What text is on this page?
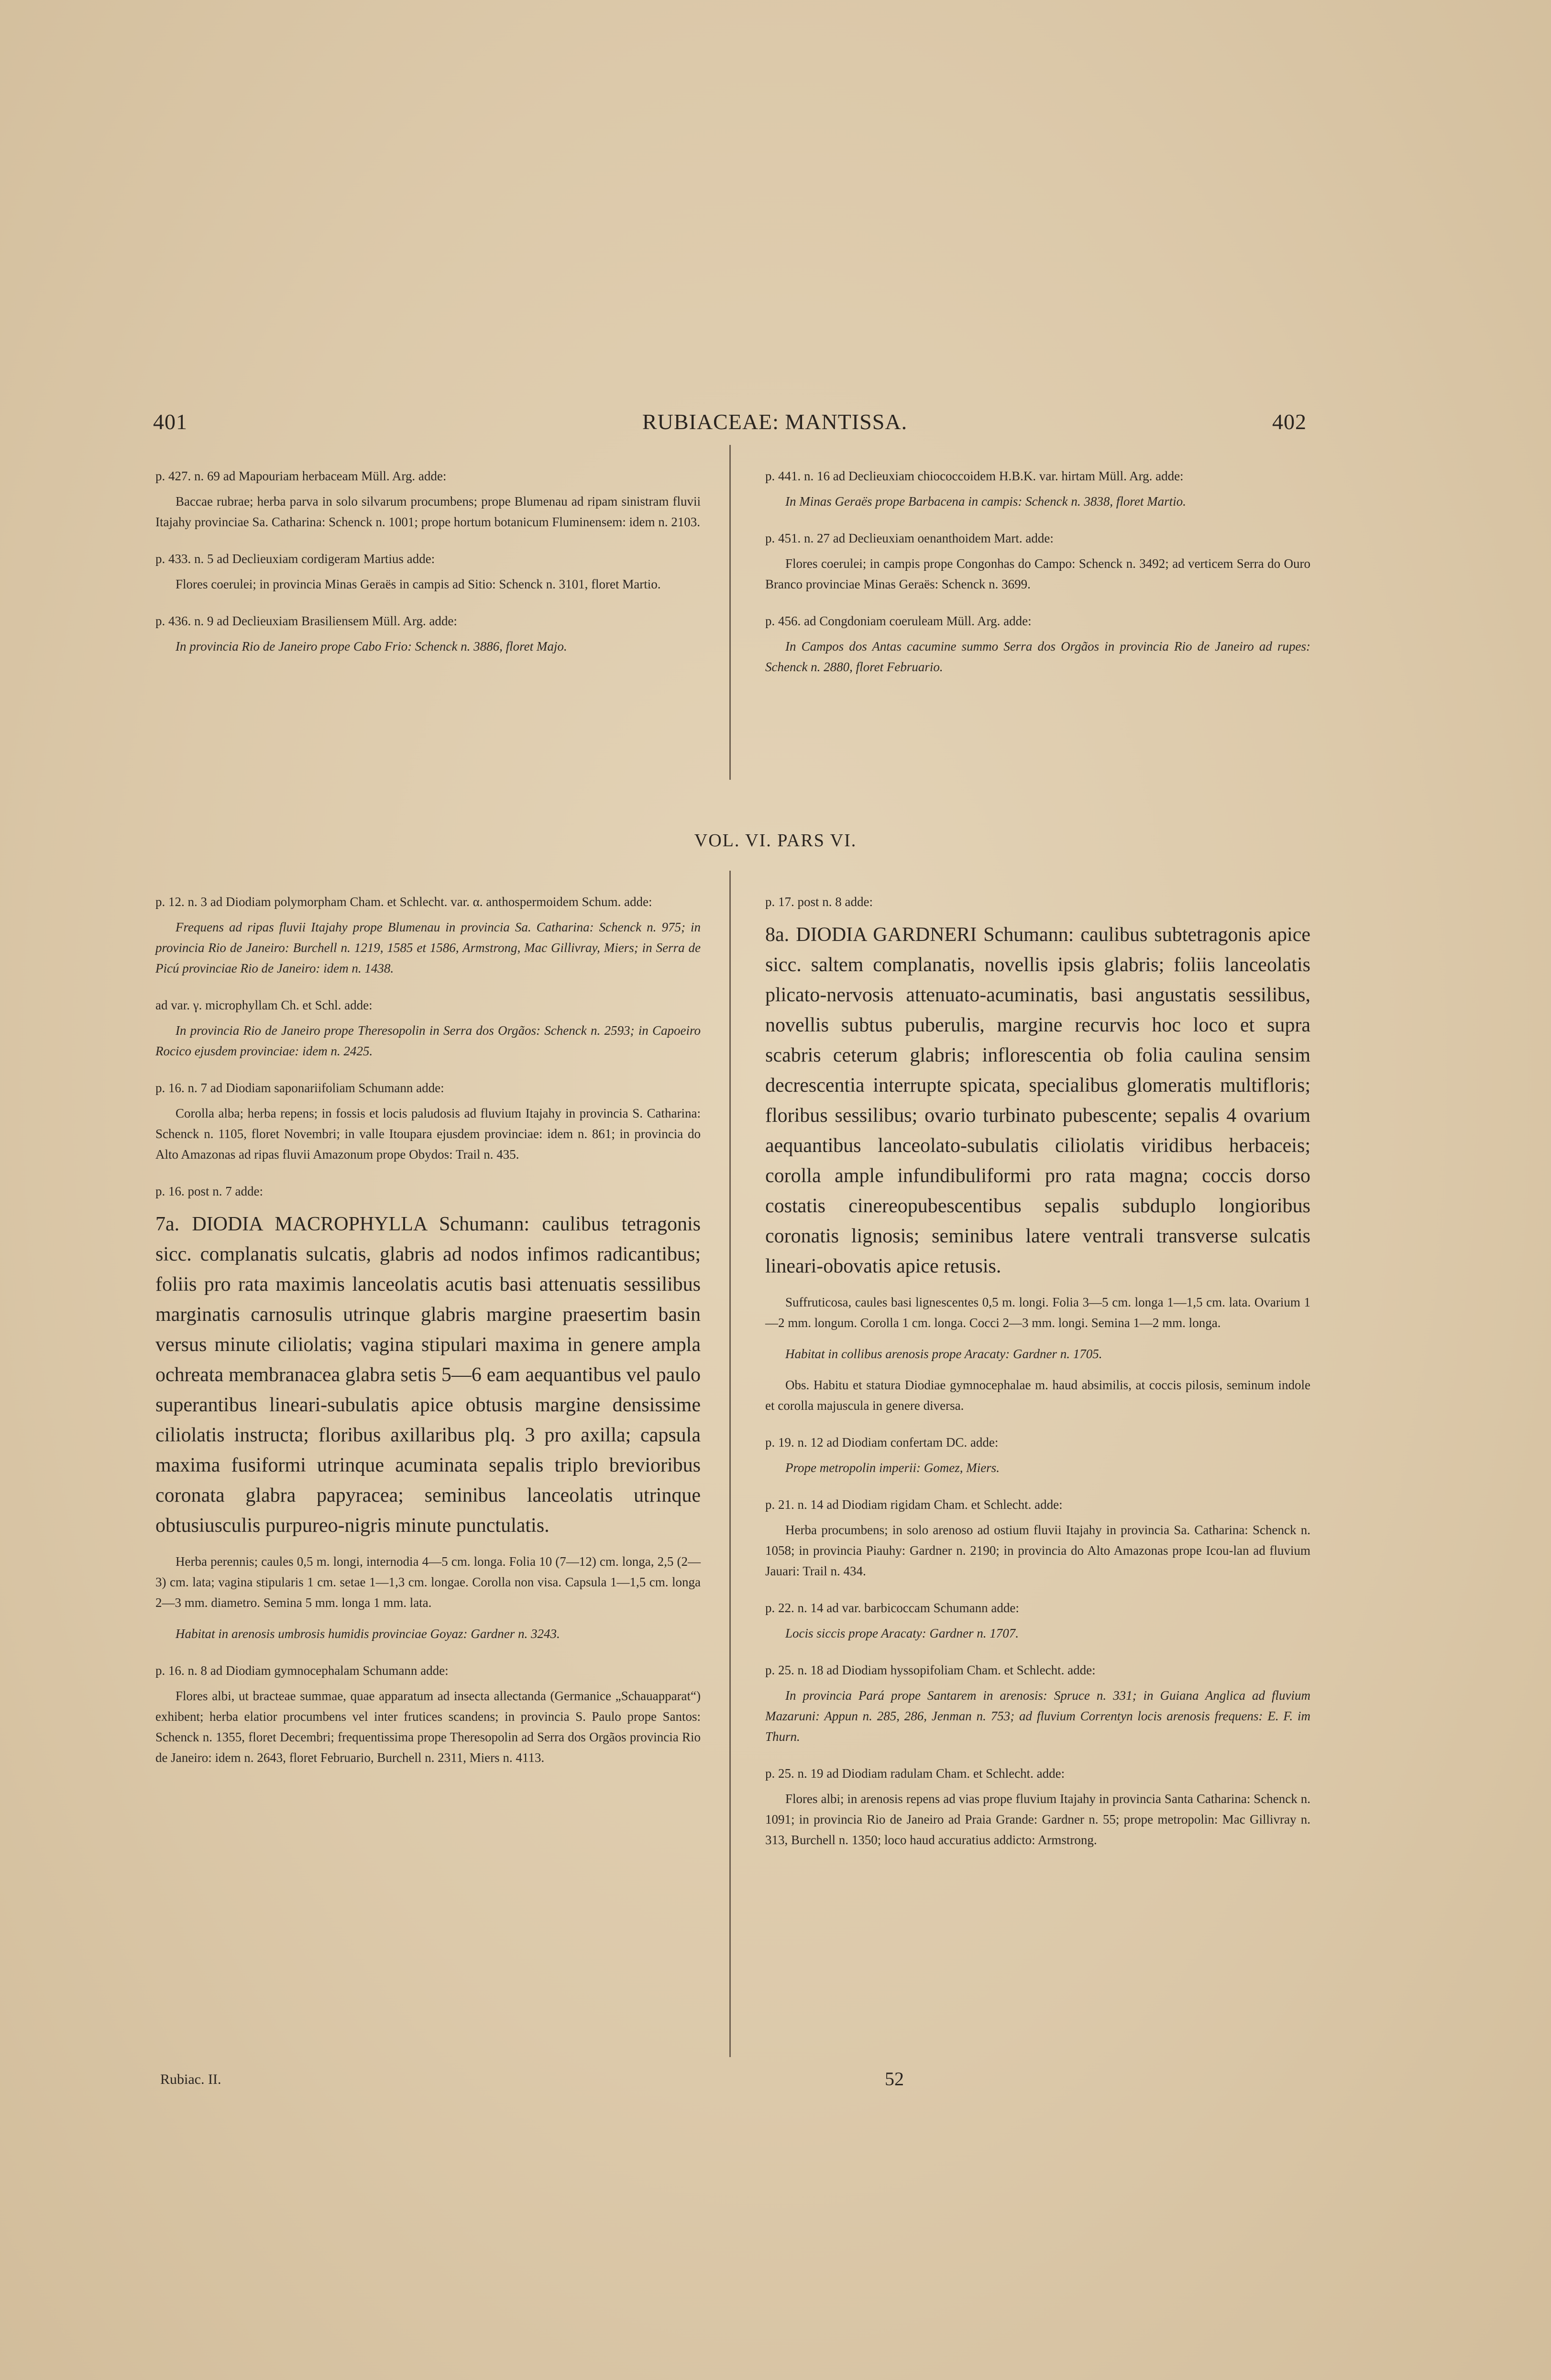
401	RUBIACEAE: MANTISSA.	402

p. 427. n. 69 ad Mapouriam herbaceam Müll. Arg. adde:

Baccae rubrae; herba parva in solo silvarum procumbens; prope Blumenau ad ripam sinistram fluvii Itajahy provinciae Sa. Catharina: Schenck n. 1001; prope hortum botanicum Fluminensem: idem n. 2103.

p. 433. n. 5 ad Declieuxiam cordigeram Martius adde:

Flores coerulei; in provincia Minas Geraës in campis ad Sitio: Schenck n. 3101, floret Martio.

p. 436. n. 9 ad Declieuxiam Brasiliensem Müll. Arg. adde:

In provincia Rio de Janeiro prope Cabo Frio: Schenck n. 3886, floret Majo.

p. 441. n. 16 ad Declieuxiam chiococcoidem H.B.K. var. hirtam Müll. Arg. adde:

In Minas Geraës prope Barbacena in campis: Schenck n. 3838, floret Martio.

p. 451. n. 27 ad Declieuxiam oenanthoidem Mart. adde:

Flores coerulei; in campis prope Congonhas do Campo: Schenck n. 3492; ad verticem Serra do Ouro Branco provinciae Minas Geraës: Schenck n. 3699.

p. 456. ad Congdoniam coeruleam Müll. Arg. adde:

In Campos dos Antas cacumine summo Serra dos Orgãos in provincia Rio de Janeiro ad rupes: Schenck n. 2880, floret Februario.

VOL. VI. PARS VI.

p. 12. n. 3 ad Diodiam polymorpham Cham. et Schlecht. var. α. anthospermoidem Schum. adde:

Frequens ad ripas fluvii Itajahy prope Blumenau in provincia Sa. Catharina: Schenck n. 975; in provincia Rio de Janeiro: Burchell n. 1219, 1585 et 1586, Armstrong, Mac Gillivray, Miers; in Serra de Picú provinciae Rio de Janeiro: idem n. 1438.

ad var. γ. microphyllam Ch. et Schl. adde:

In provincia Rio de Janeiro prope Theresopolin in Serra dos Orgãos: Schenck n. 2593; in Capoeiro Rocico ejusdem provinciae: idem n. 2425.

p. 16. n. 7 ad Diodiam saponariifoliam Schumann adde:

Corolla alba; herba repens; in fossis et locis paludosis ad fluvium Itajahy in provincia S. Catharina: Schenck n. 1105, floret Novembri; in valle Itoupara ejusdem provinciae: idem n. 861; in provincia do Alto Amazonas ad ripas fluvii Amazonum prope Obydos: Trail n. 435.

p. 16. post n. 7 adde:

7a. DIODIA MACROPHYLLA Schumann: caulibus tetragonis sicc. complanatis sulcatis, glabris ad nodos infimos radicantibus; foliis pro rata maximis lanceolatis acutis basi attenuatis sessilibus marginatis carnosulis utrinque glabris margine praesertim basin versus minute ciliolatis; vagina stipulari maxima in genere ampla ochreata membranacea glabra setis 5—6 eam aequantibus vel paulo superantibus lineari-subulatis apice obtusis margine densissime ciliolatis instructa; floribus axillaribus plq. 3 pro axilla; capsula maxima fusiformi utrinque acuminata sepalis triplo brevioribus coronata glabra papyracea; seminibus lanceolatis utrinque obtusiusculis purpureo-nigris minute punctulatis.

Herba perennis; caules 0,5 m. longi, internodia 4—5 cm. longa. Folia 10 (7—12) cm. longa, 2,5 (2—3) cm. lata; vagina stipularis 1 cm. setae 1—1,3 cm. longae. Corolla non visa. Capsula 1—1,5 cm. longa 2—3 mm. diametro. Semina 5 mm. longa 1 mm. lata.

Habitat in arenosis umbrosis humidis provinciae Goyaz: Gardner n. 3243.

p. 16. n. 8 ad Diodiam gymnocephalam Schumann adde:

Flores albi, ut bracteae summae, quae apparatum ad insecta allectanda (Germanice „Schauapparat“) exhibent; herba elatior procumbens vel inter frutices scandens; in provincia S. Paulo prope Santos: Schenck n. 1355, floret Decembri; frequentissima prope Theresopolin ad Serra dos Orgãos provincia Rio de Janeiro: idem n. 2643, floret Februario, Burchell n. 2311, Miers n. 4113.

p. 17. post n. 8 adde:

8a. DIODIA GARDNERI Schumann: caulibus subtetragonis apice sicc. saltem complanatis, novellis ipsis glabris; foliis lanceolatis plicato-nervosis attenuato-acuminatis, basi angustatis sessilibus, novellis subtus puberulis, margine recurvis hoc loco et supra scabris ceterum glabris; inflorescentia ob folia caulina sensim decrescentia interrupte spicata, specialibus glomeratis multifloris; floribus sessilibus; ovario turbinato pubescente; sepalis 4 ovarium aequantibus lanceolato-subulatis ciliolatis viridibus herbaceis; corolla ample infundibuliformi pro rata magna; coccis dorso costatis cinereopubescentibus sepalis subduplo longioribus coronatis lignosis; seminibus latere ventrali transverse sulcatis lineari-obovatis apice retusis.

Suffruticosa, caules basi lignescentes 0,5 m. longi. Folia 3—5 cm. longa 1—1,5 cm. lata. Ovarium 1—2 mm. longum. Corolla 1 cm. longa. Cocci 2—3 mm. longi. Semina 1—2 mm. longa.

Habitat in collibus arenosis prope Aracaty: Gardner n. 1705.

Obs. Habitu et statura Diodiae gymnocephalae m. haud absimilis, at coccis pilosis, seminum indole et corolla majuscula in genere diversa.

p. 19. n. 12 ad Diodiam confertam DC. adde:

Prope metropolin imperii: Gomez, Miers.

p. 21. n. 14 ad Diodiam rigidam Cham. et Schlecht. adde:

Herba procumbens; in solo arenoso ad ostium fluvii Itajahy in provincia Sa. Catharina: Schenck n. 1058; in provincia Piauhy: Gardner n. 2190; in provincia do Alto Amazonas prope Icou-lan ad fluvium Jauari: Trail n. 434.

p. 22. n. 14 ad var. barbicoccam Schumann adde:

Locis siccis prope Aracaty: Gardner n. 1707.

p. 25. n. 18 ad Diodiam hyssopifoliam Cham. et Schlecht. adde:

In provincia Pará prope Santarem in arenosis: Spruce n. 331; in Guiana Anglica ad fluvium Mazaruni: Appun n. 285, 286, Jenman n. 753; ad fluvium Correntyn locis arenosis frequens: E. F. im Thurn.

p. 25. n. 19 ad Diodiam radulam Cham. et Schlecht. adde:

Flores albi; in arenosis repens ad vias prope fluvium Itajahy in provincia Santa Catharina: Schenck n. 1091; in provincia Rio de Janeiro ad Praia Grande: Gardner n. 55; prope metropolin: Mac Gillivray n. 313, Burchell n. 1350; loco haud accuratius addicto: Armstrong.

Rubiac. II.	52
